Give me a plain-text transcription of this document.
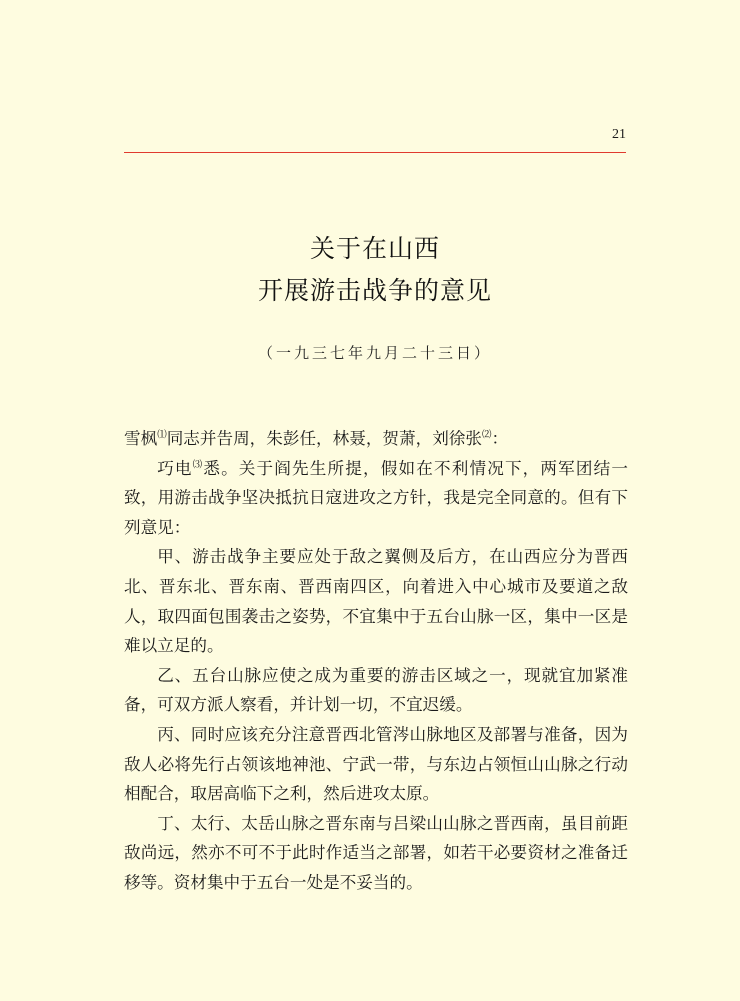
21
关于在山西
开展游击战争的意见
（一九三七年九月二十三日）

雪枫⑴同志并告周，朱彭任，林聂，贺萧，刘徐张⑵：

巧电⑶悉。关于阎先生所提，假如在不利情况下，两军团结一致，用游击战争坚决抵抗日寇进攻之方针，我是完全同意的。但有下列意见：

甲、游击战争主要应处于敌之翼侧及后方，在山西应分为晋西北、晋东北、晋东南、晋西南四区，向着进入中心城市及要道之敌人，取四面包围袭击之姿势，不宜集中于五台山脉一区，集中一区是难以立足的。

乙、五台山脉应使之成为重要的游击区域之一，现就宜加紧准备，可双方派人察看，并计划一切，不宜迟缓。

丙、同时应该充分注意晋西北管涔山脉地区及部署与准备，因为敌人必将先行占领该地神池、宁武一带，与东边占领恒山山脉之行动相配合，取居高临下之利，然后进攻太原。

丁、太行、太岳山脉之晋东南与吕梁山山脉之晋西南，虽目前距敌尚远，然亦不可不于此时作适当之部署，如若干必要资材之准备迁移等。资材集中于五台一处是不妥当的。
